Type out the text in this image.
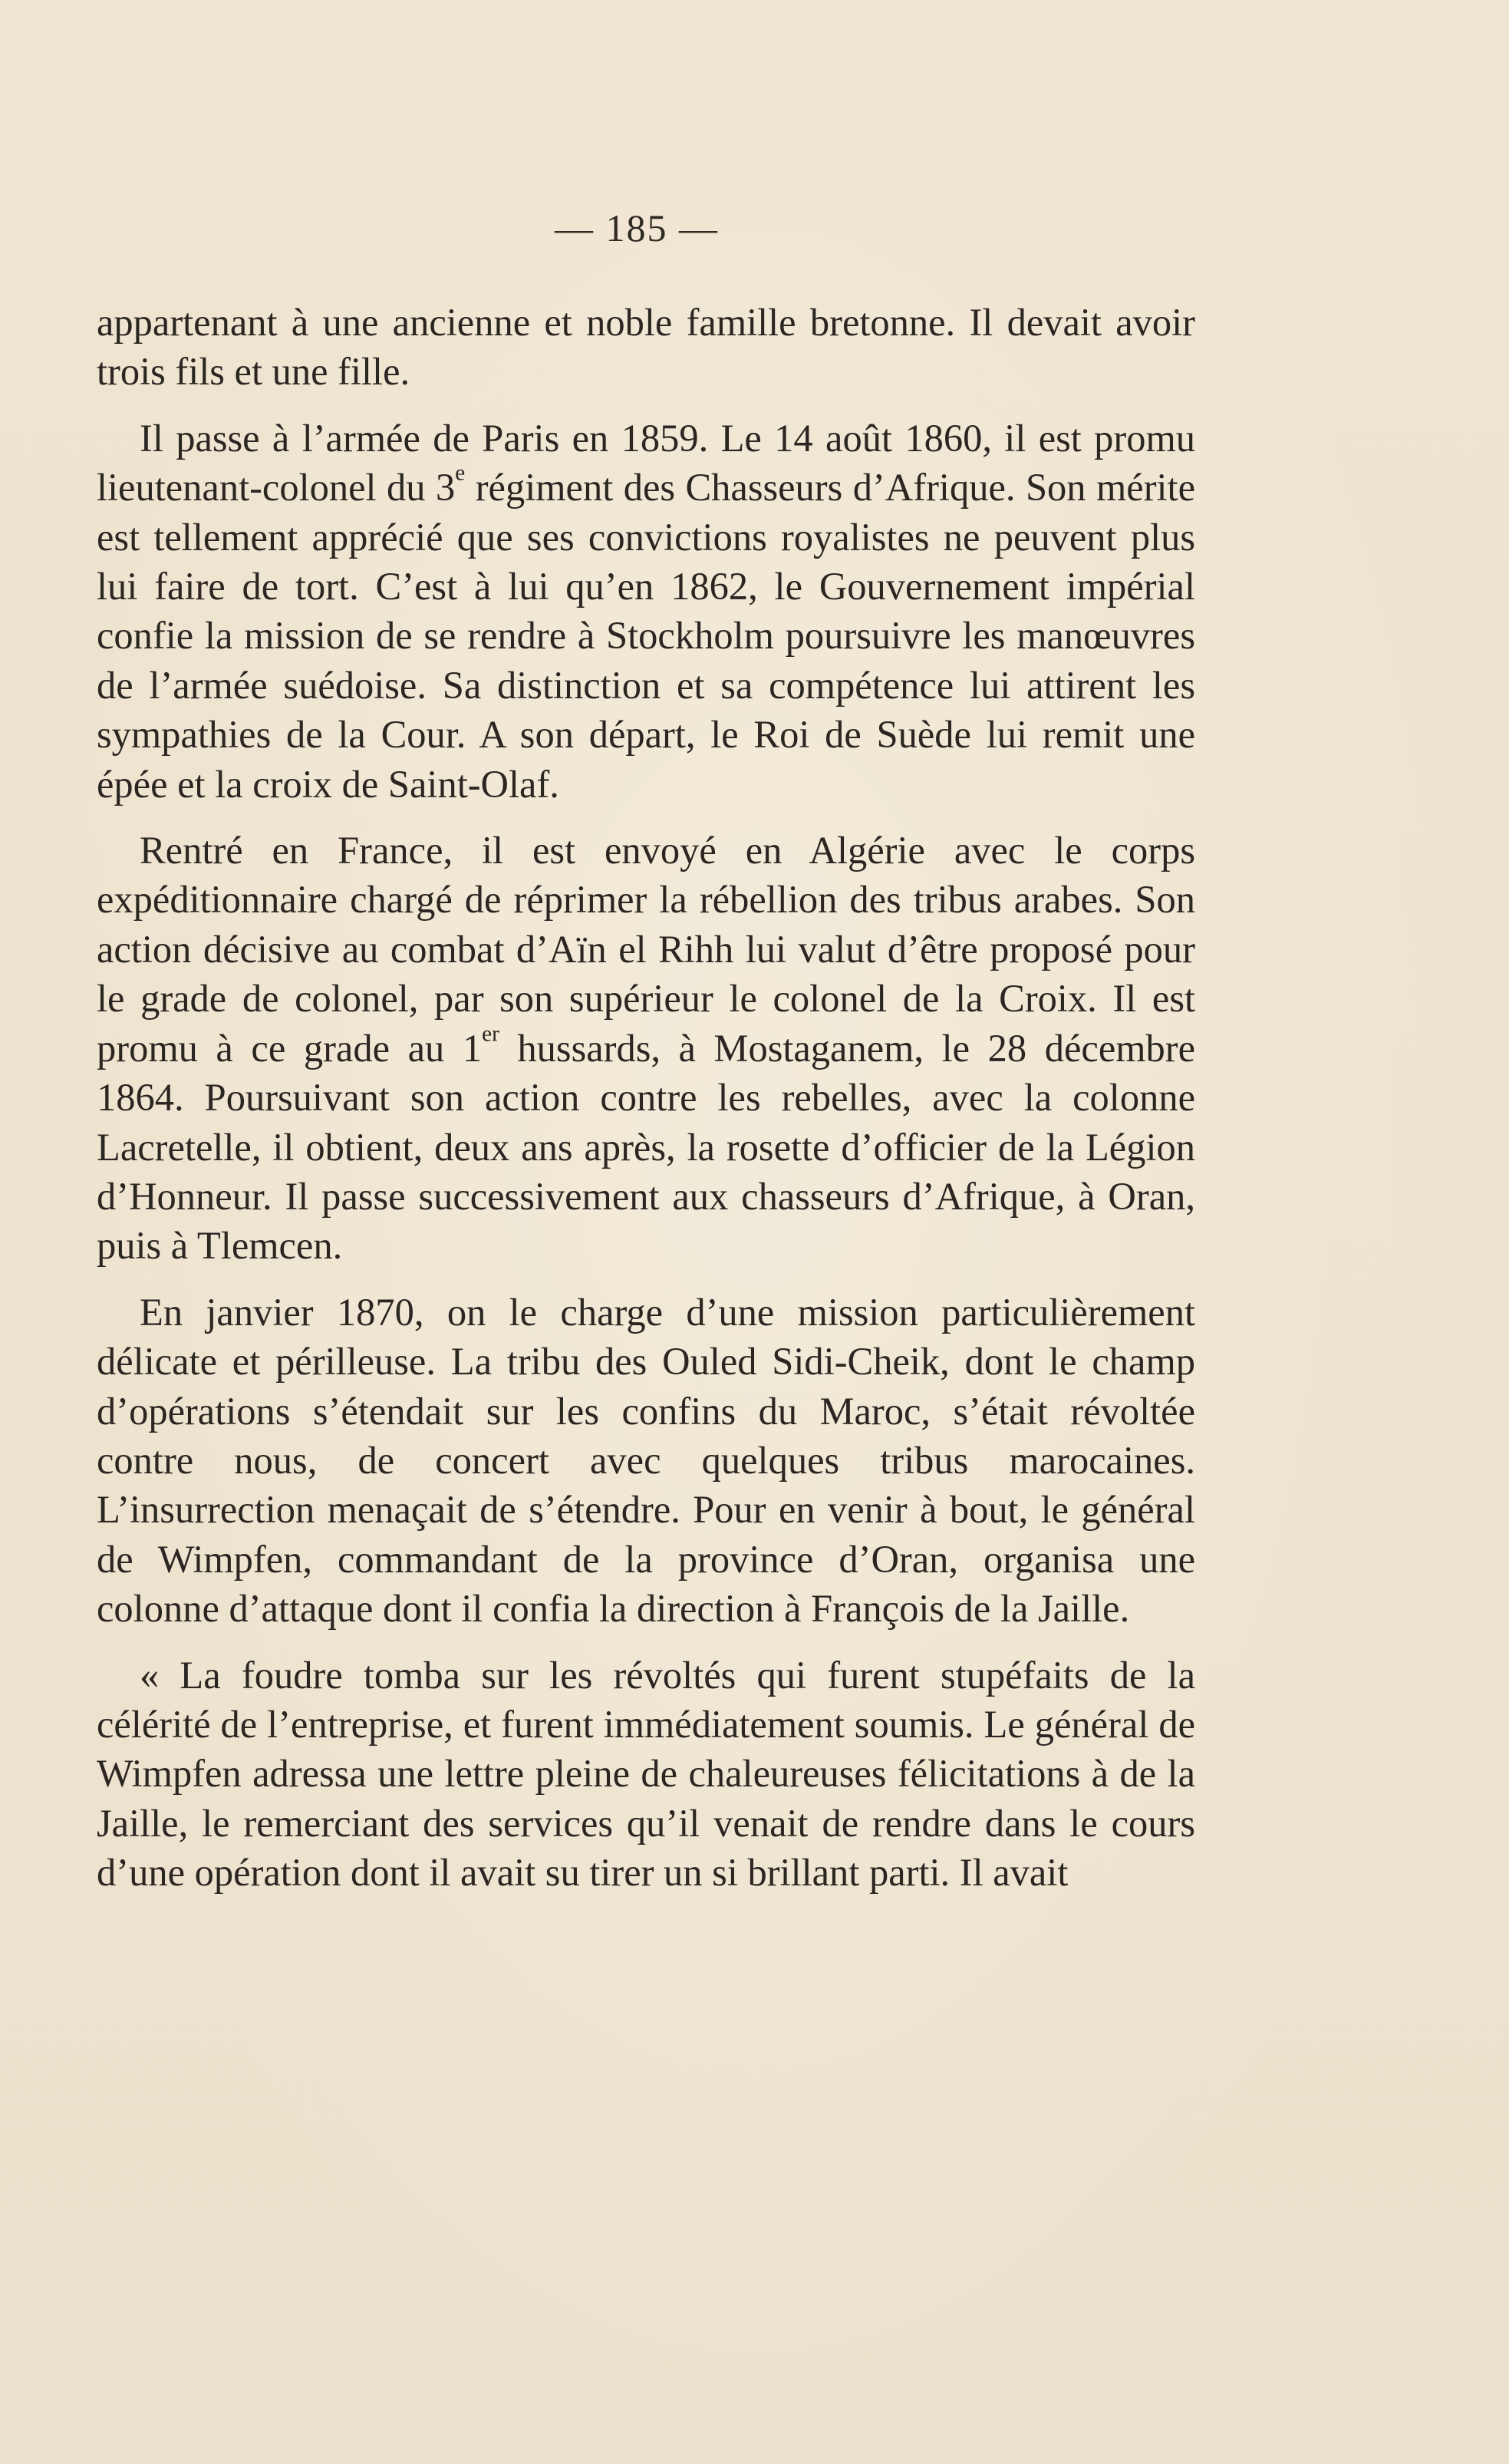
— 185 —

appartenant à une ancienne et noble famille bretonne. Il devait avoir trois fils et une fille.

Il passe à l’armée de Paris en 1859. Le 14 août 1860, il est promu lieutenant-colonel du 3e régiment des Chasseurs d’Afrique. Son mérite est tellement apprécié que ses convictions royalistes ne peuvent plus lui faire de tort. C’est à lui qu’en 1862, le Gouvernement impérial confie la mission de se rendre à Stockholm poursuivre les manœuvres de l’armée suédoise. Sa distinction et sa compétence lui attirent les sympathies de la Cour. A son départ, le Roi de Suède lui remit une épée et la croix de Saint-Olaf.

Rentré en France, il est envoyé en Algérie avec le corps expéditionnaire chargé de réprimer la rébellion des tribus arabes. Son action décisive au combat d’Aïn el Rihh lui valut d’être proposé pour le grade de colonel, par son supérieur le colonel de la Croix. Il est promu à ce grade au 1er hussards, à Mostaganem, le 28 décembre 1864. Poursuivant son action contre les rebelles, avec la colonne Lacretelle, il obtient, deux ans après, la rosette d’officier de la Légion d’Honneur. Il passe successivement aux chasseurs d’Afrique, à Oran, puis à Tlemcen.

En janvier 1870, on le charge d’une mission particulièrement délicate et périlleuse. La tribu des Ouled Sidi-Cheik, dont le champ d’opérations s’étendait sur les confins du Maroc, s’était révoltée contre nous, de concert avec quelques tribus marocaines. L’insurrection menaçait de s’étendre. Pour en venir à bout, le général de Wimpfen, commandant de la province d’Oran, organisa une colonne d’attaque dont il confia la direction à François de la Jaille.

« La foudre tomba sur les révoltés qui furent stupéfaits de la célérité de l’entreprise, et furent immédiatement soumis. Le général de Wimpfen adressa une lettre pleine de chaleureuses félicitations à de la Jaille, le remerciant des services qu’il venait de rendre dans le cours d’une opération dont il avait su tirer un si brillant parti. Il avait
